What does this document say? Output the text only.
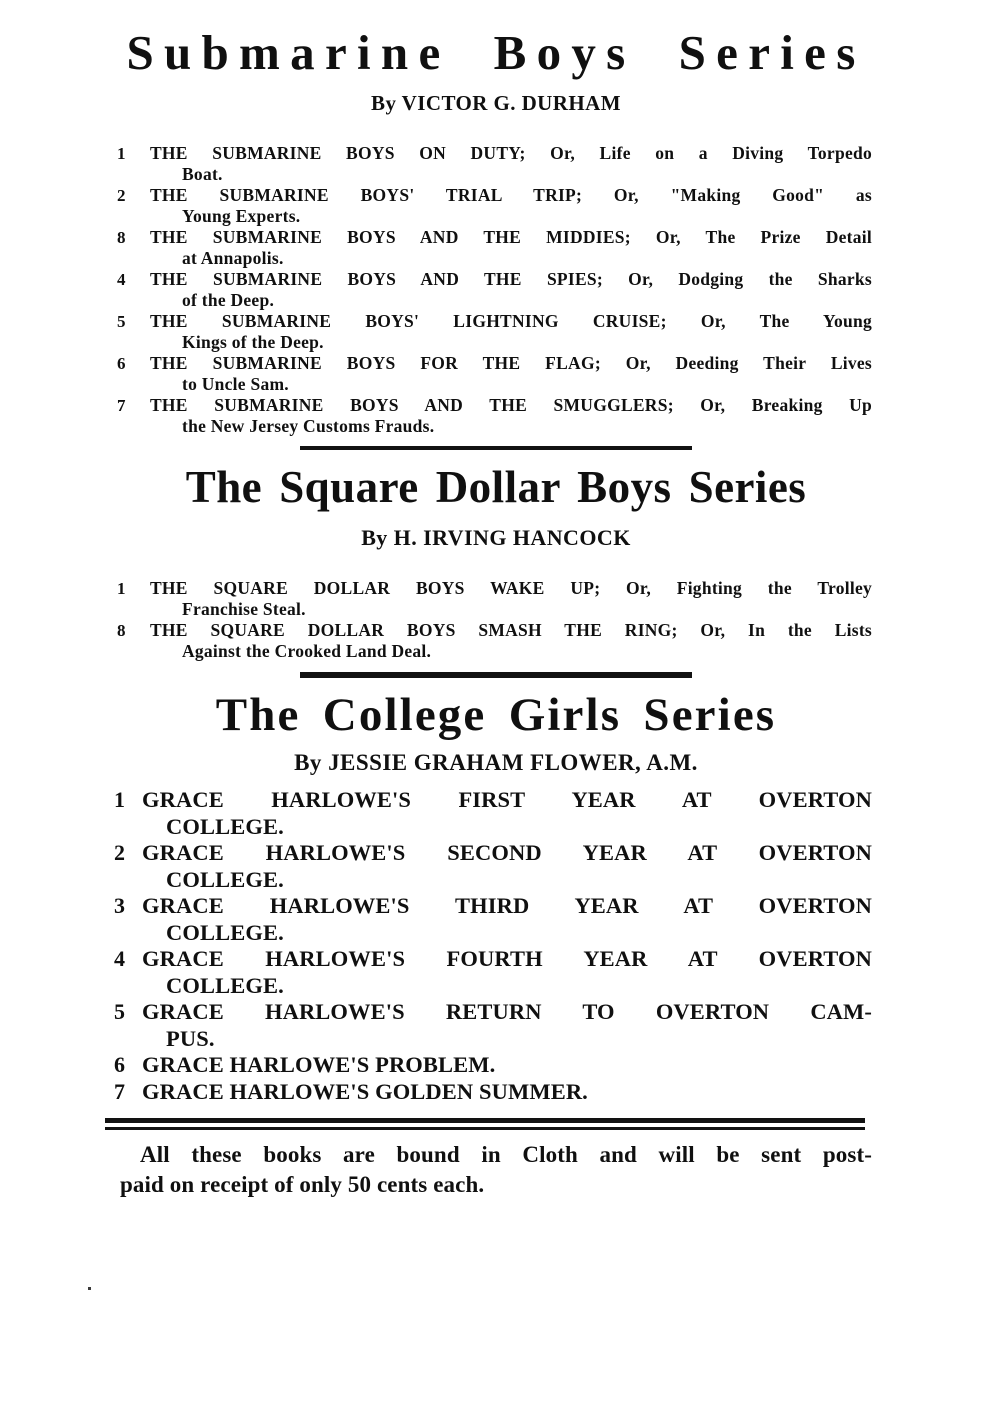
Submarine Boys Series

By VICTOR G. DURHAM

1 THE SUBMARINE BOYS ON DUTY; Or, Life on a Diving Torpedo
Boat.
2 THE SUBMARINE BOYS' TRIAL TRIP; Or, "Making Good" as
Young Experts.
8 THE SUBMARINE BOYS AND THE MIDDIES; Or, The Prize Detail
at Annapolis.
4 THE SUBMARINE BOYS AND THE SPIES; Or, Dodging the Sharks
of the Deep.
5 THE SUBMARINE BOYS' LIGHTNING CRUISE; Or, The Young
Kings of the Deep.
6 THE SUBMARINE BOYS FOR THE FLAG; Or, Deeding Their Lives
to Uncle Sam.
7 THE SUBMARINE BOYS AND THE SMUGGLERS; Or, Breaking Up
the New Jersey Customs Frauds.
The Square Dollar Boys Series

By H. IRVING HANCOCK

1 THE SQUARE DOLLAR BOYS WAKE UP; Or, Fighting the Trolley
Franchise Steal.
8 THE SQUARE DOLLAR BOYS SMASH THE RING; Or, In the Lists
Against the Crooked Land Deal.
The College Girls Series

By JESSIE GRAHAM FLOWER, A.M.

1 GRACE HARLOWE'S FIRST YEAR AT OVERTON
COLLEGE.
2 GRACE HARLOWE'S SECOND YEAR AT OVERTON
COLLEGE.
3 GRACE HARLOWE'S THIRD YEAR AT OVERTON
COLLEGE.
4 GRACE HARLOWE'S FOURTH YEAR AT OVERTON
COLLEGE.
5 GRACE HARLOWE'S RETURN TO OVERTON CAM-
PUS.
6 GRACE HARLOWE'S PROBLEM.
7 GRACE HARLOWE'S GOLDEN SUMMER.
All these books are bound in Cloth and will be sent post-
paid on receipt of only 50 cents each.
